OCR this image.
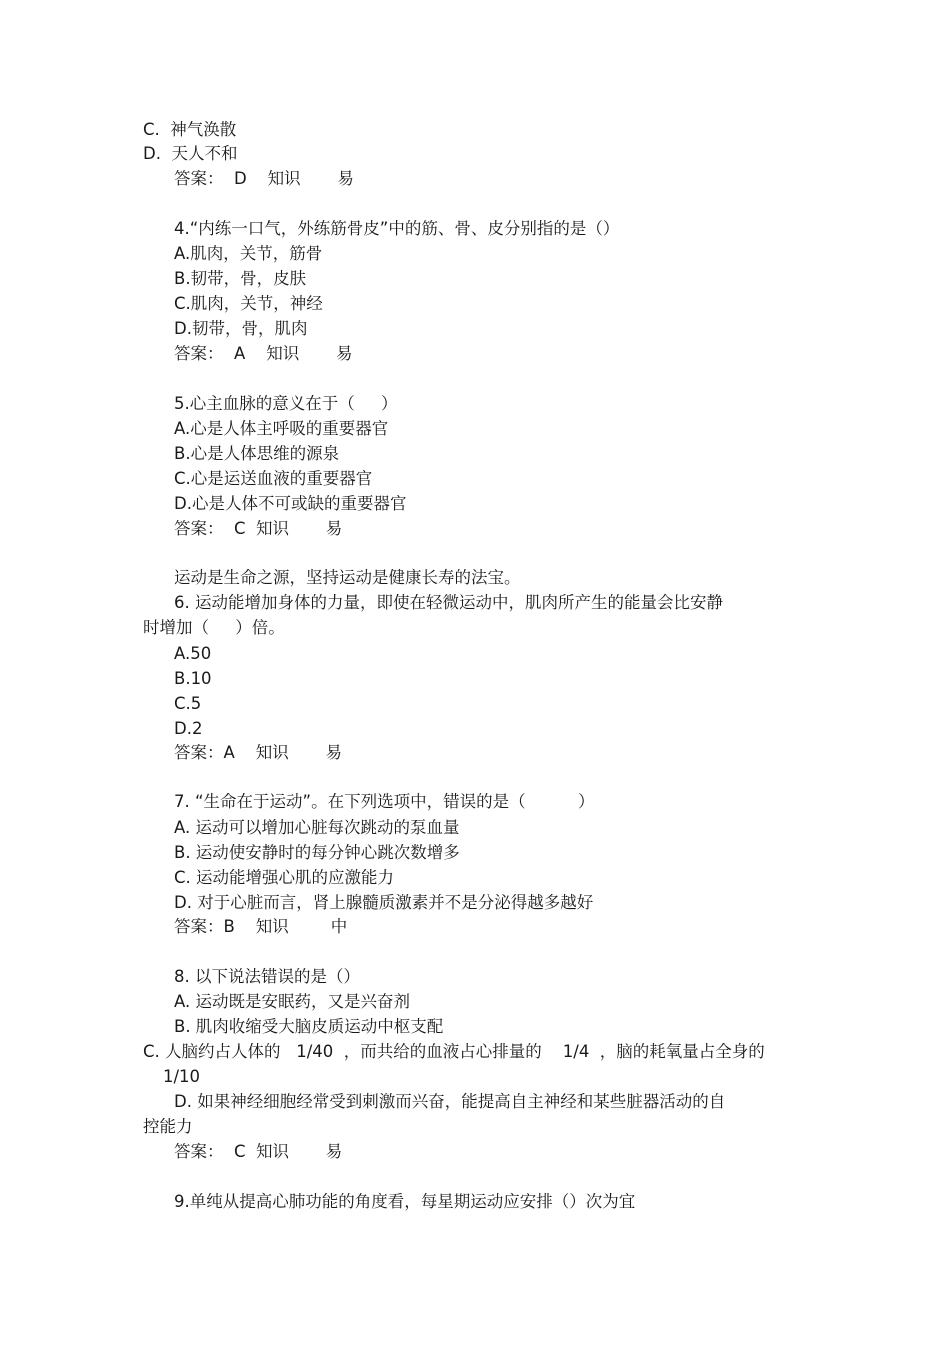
C.  神气涣散
D.  天人不和
答案：  D    知识       易
4.“内练一口气，外练筋骨皮”中的筋、骨、皮分别指的是（）
A.肌肉，关节，筋骨
B.韧带，骨，皮肤
C.肌肉，关节，神经
D.韧带，骨，肌肉
答案：  A    知识       易
5.心主血脉的意义在于（     ）
A.心是人体主呼吸的重要器官
B.心是人体思维的源泉
C.心是运送血液的重要器官
D.心是人体不可或缺的重要器官
答案：  C  知识       易
运动是生命之源，坚持运动是健康长寿的法宝。
6. 运动能增加身体的力量，即使在轻微运动中，肌肉所产生的能量会比安静
时增加（     ）倍。
A.50
B.10
C.5
D.2
答案：A    知识       易
7. “生命在于运动”。在下列选项中，错误的是（          ）
A. 运动可以增加心脏每次跳动的泵血量
B. 运动使安静时的每分钟心跳次数增多
C. 运动能增强心肌的应激能力
D. 对于心脏而言，肾上腺髓质激素并不是分泌得越多越好
答案：B    知识        中
8. 以下说法错误的是（）
A. 运动既是安眠药，又是兴奋剂
B. 肌肉收缩受大脑皮质运动中枢支配
C. 人脑约占人体的   1/40  ，而共给的血液占心排量的    1/4  ，脑的耗氧量占全身的
1/10
D. 如果神经细胞经常受到刺激而兴奋，能提高自主神经和某些脏器活动的自
控能力
答案：  C  知识       易
9.单纯从提高心肺功能的角度看，每星期运动应安排（）次为宜
